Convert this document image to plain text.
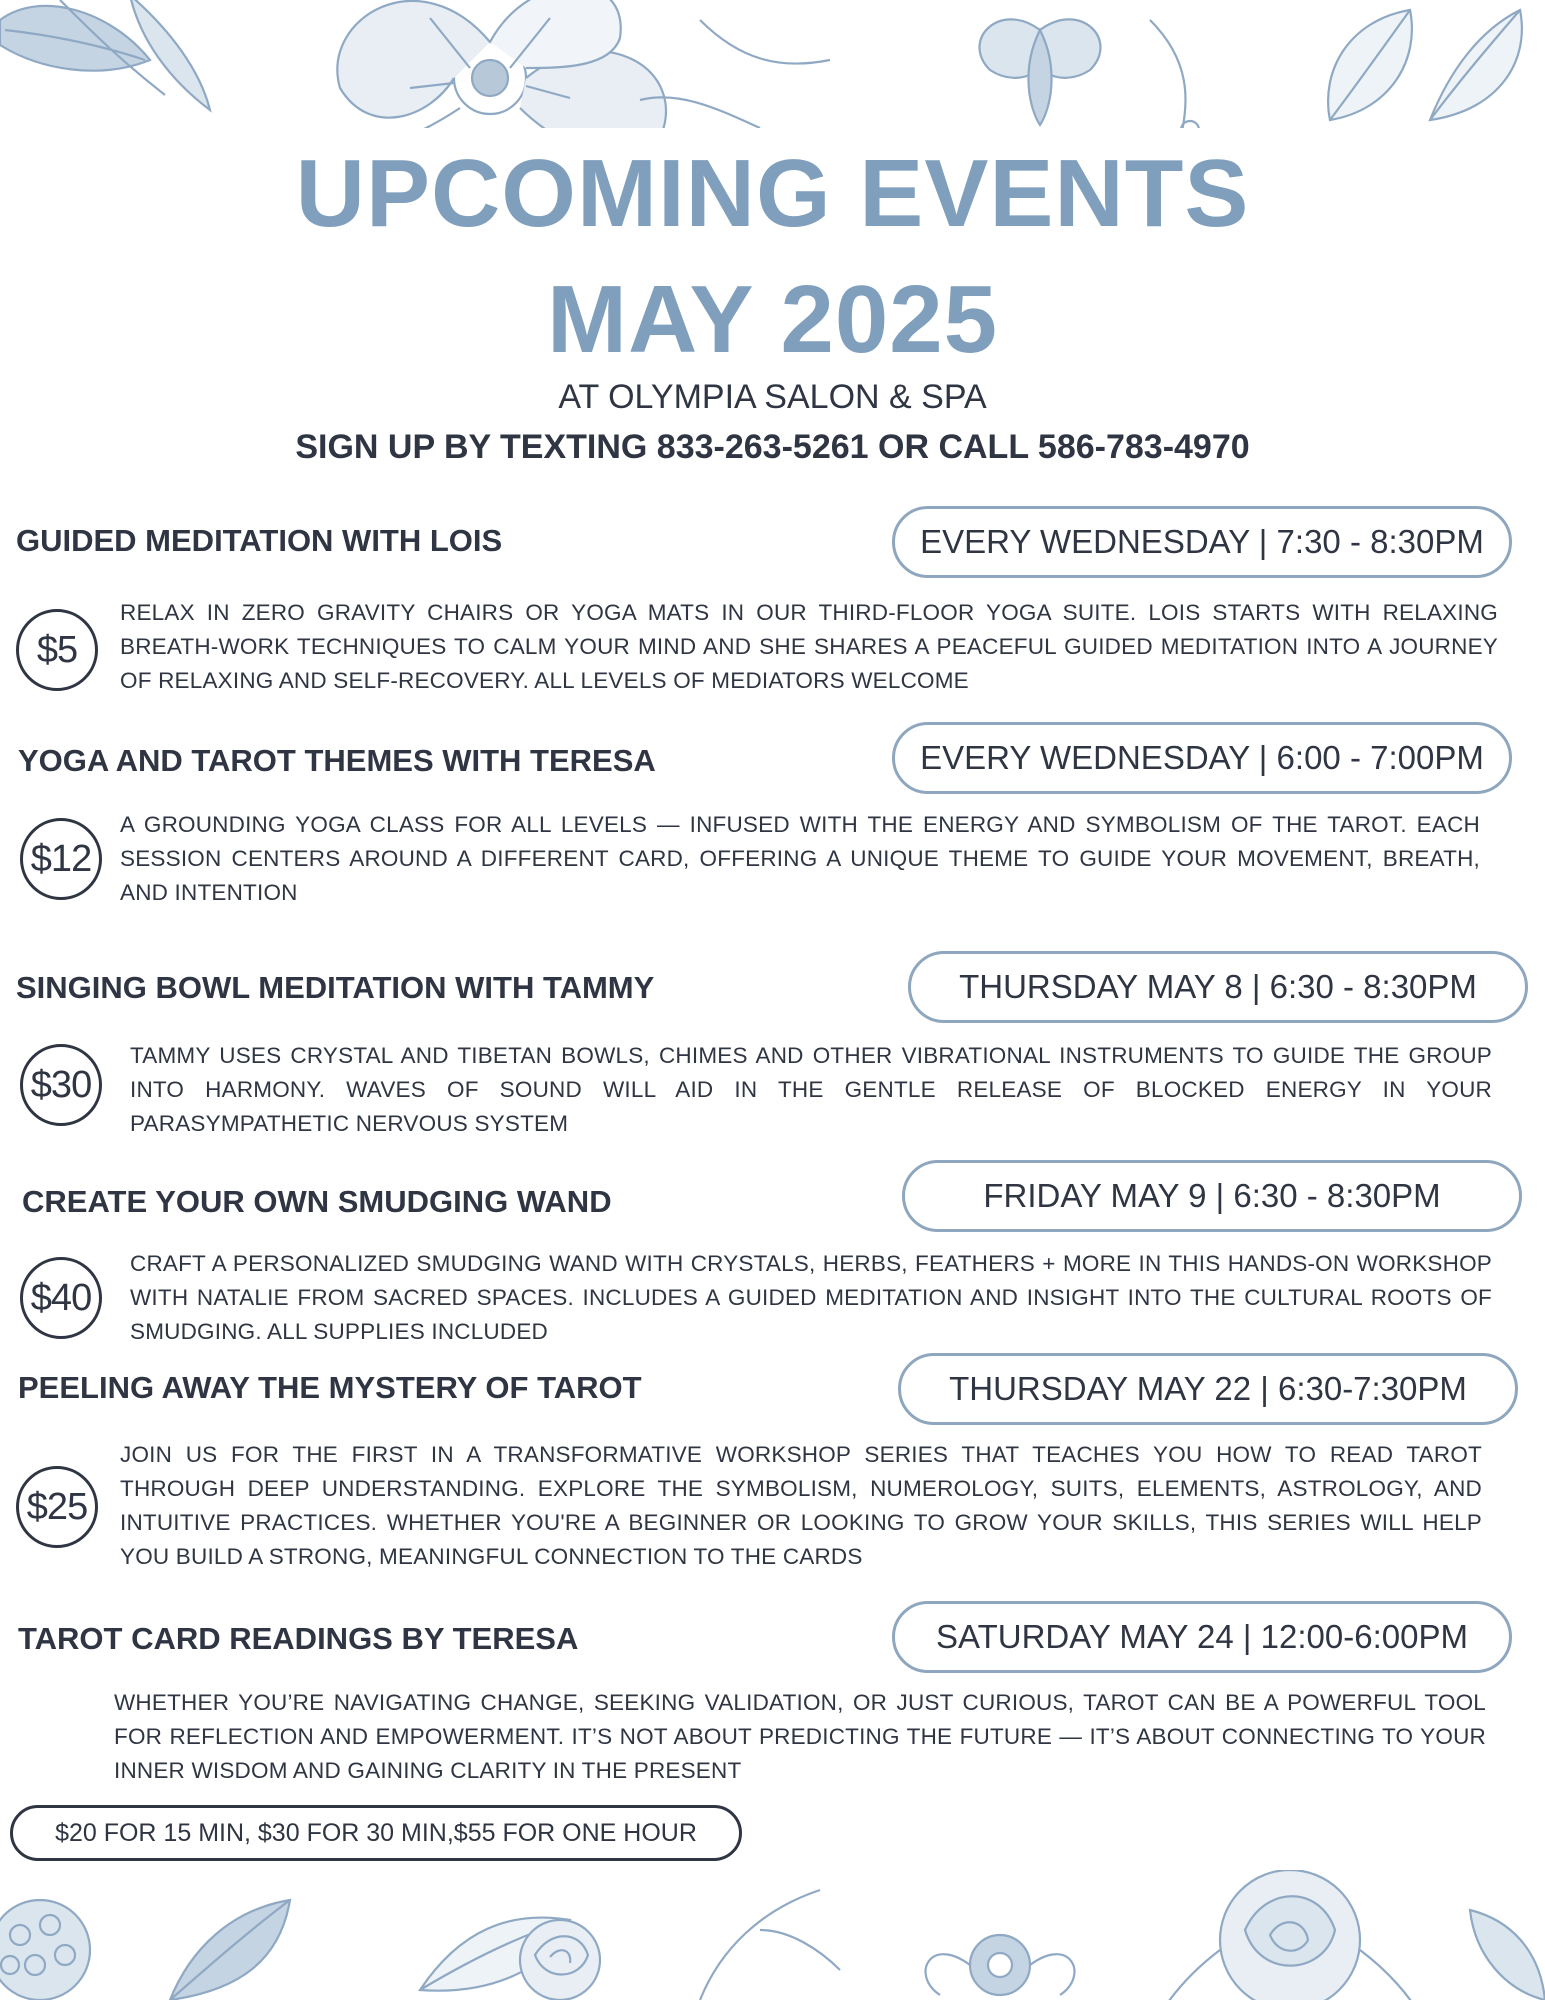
UPCOMING EVENTS
MAY 2025
AT OLYMPIA SALON & SPA
SIGN UP BY TEXTING 833-263-5261 OR CALL 586-783-4970
GUIDED MEDITATION WITH LOIS	EVERY WEDNESDAY | 7:30 - 8:30PM
$5
RELAX IN ZERO GRAVITY CHAIRS OR YOGA MATS IN OUR THIRD-FLOOR YOGA SUITE. LOIS STARTS WITH RELAXING BREATH-WORK TECHNIQUES TO CALM YOUR MIND AND SHE SHARES A PEACEFUL GUIDED MEDITATION INTO A JOURNEY OF RELAXING AND SELF-RECOVERY. ALL LEVELS OF MEDIATORS WELCOME
YOGA AND TAROT THEMES WITH TERESA	EVERY WEDNESDAY | 6:00 - 7:00PM
$12
A GROUNDING YOGA CLASS FOR ALL LEVELS — INFUSED WITH THE ENERGY AND SYMBOLISM OF THE TAROT. EACH SESSION CENTERS AROUND A DIFFERENT CARD, OFFERING A UNIQUE THEME TO GUIDE YOUR MOVEMENT, BREATH, AND INTENTION
SINGING BOWL MEDITATION WITH TAMMY	THURSDAY MAY 8 | 6:30 - 8:30PM
$30
TAMMY USES CRYSTAL AND TIBETAN BOWLS, CHIMES AND OTHER VIBRATIONAL INSTRUMENTS TO GUIDE THE GROUP INTO HARMONY. WAVES OF SOUND WILL AID IN THE GENTLE RELEASE OF BLOCKED ENERGY IN YOUR PARASYMPATHETIC NERVOUS SYSTEM
CREATE YOUR OWN SMUDGING WAND	FRIDAY MAY 9 | 6:30 - 8:30PM
$40
CRAFT A PERSONALIZED SMUDGING WAND WITH CRYSTALS, HERBS, FEATHERS + MORE IN THIS HANDS-ON WORKSHOP WITH NATALIE FROM SACRED SPACES. INCLUDES A GUIDED MEDITATION AND INSIGHT INTO THE CULTURAL ROOTS OF SMUDGING. ALL SUPPLIES INCLUDED
PEELING AWAY THE MYSTERY OF TAROT	THURSDAY MAY 22 | 6:30-7:30PM
$25
JOIN US FOR THE FIRST IN A TRANSFORMATIVE WORKSHOP SERIES THAT TEACHES YOU HOW TO READ TAROT THROUGH DEEP UNDERSTANDING. EXPLORE THE SYMBOLISM, NUMEROLOGY, SUITS, ELEMENTS, ASTROLOGY, AND INTUITIVE PRACTICES. WHETHER YOU'RE A BEGINNER OR LOOKING TO GROW YOUR SKILLS, THIS SERIES WILL HELP YOU BUILD A STRONG, MEANINGFUL CONNECTION TO THE CARDS
TAROT CARD READINGS BY TERESA	SATURDAY MAY 24 | 12:00-6:00PM
WHETHER YOU’RE NAVIGATING CHANGE, SEEKING VALIDATION, OR JUST CURIOUS, TAROT CAN BE A POWERFUL TOOL FOR REFLECTION AND EMPOWERMENT. IT’S NOT ABOUT PREDICTING THE FUTURE — IT’S ABOUT CONNECTING TO YOUR INNER WISDOM AND GAINING CLARITY IN THE PRESENT
$20 FOR 15 MIN, $30 FOR 30 MIN,$55 FOR ONE HOUR
